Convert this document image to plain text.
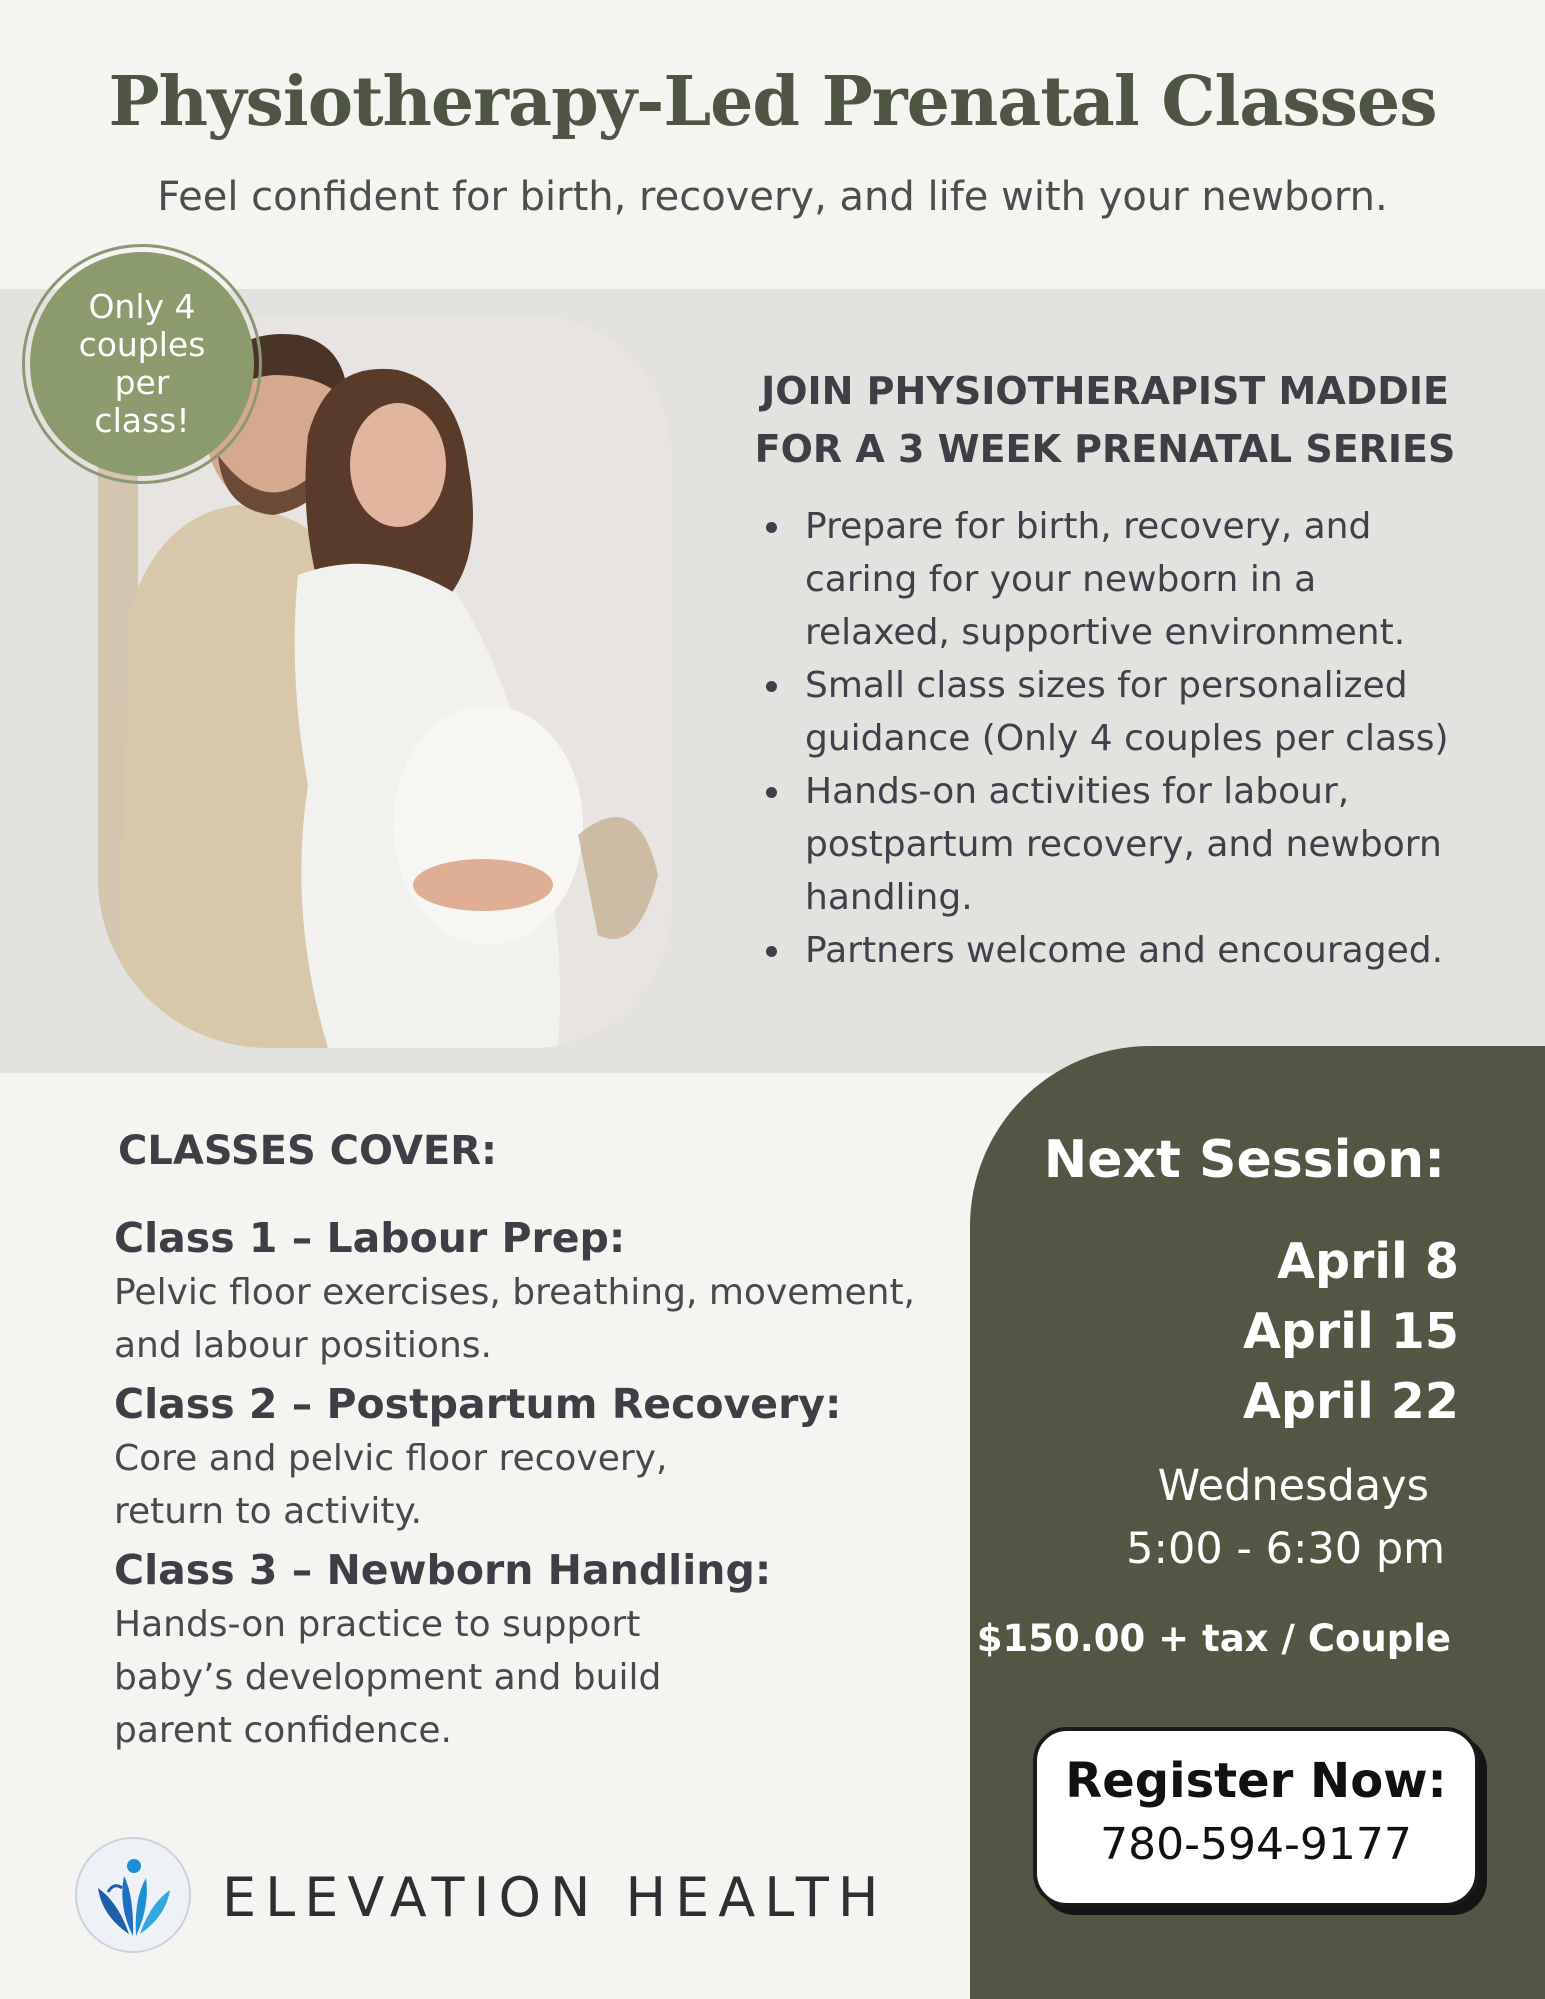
Physiotherapy-Led Prenatal Classes

Feel confident for birth, recovery, and life with your newborn.

Only 4 couples per class!
JOIN PHYSIOTHERAPIST MADDIE
FOR A 3 WEEK PRENATAL SERIES
Prepare for birth, recovery, and caring for your newborn in a relaxed, supportive environment.
Small class sizes for personalized guidance (Only 4 couples per class)
Hands-on activities for labour, postpartum recovery, and newborn handling.
Partners welcome and encouraged.
CLASSES COVER:
Class 1 – Labour Prep:
Pelvic floor exercises, breathing, movement,
and labour positions.
Class 2 – Postpartum Recovery:
Core and pelvic floor recovery,
return to activity.
Class 3 – Newborn Handling:
Hands-on practice to support
baby’s development and build
parent confidence.
Next Session:
April 8
April 15
April 22
Wednesdays
5:00 - 6:30 pm
$150.00 + tax / Couple
Register Now:
780-594-9177
ELEVATION HEALTH
